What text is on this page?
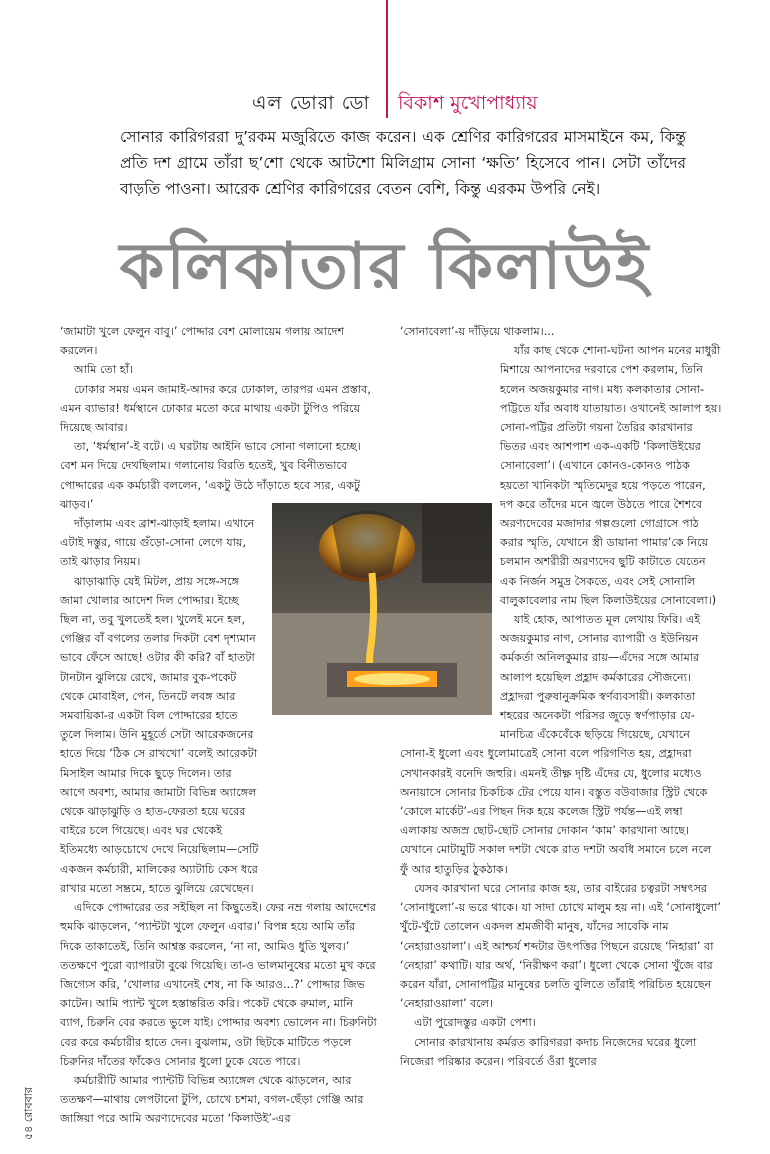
এল ডোরা ডো বিকাশ মুখোপাধ্যায়
সোনার কারিগররা দু’রকম মজুরিতে কাজ করেন। এক শ্রেণির কারিগরের মাসমাইনে কম, কিন্তু প্রতি দশ গ্রামে তাঁরা ছ’শো থেকে আটশো মিলিগ্রাম সোনা ‘ক্ষতি’ হিসেবে পান। সেটা তাঁদের বাড়তি পাওনা। আরেক শ্রেণির কারিগরের বেতন বেশি, কিন্তু এরকম উপরি নেই।
কলিকাতার কিলাউই

‘জামাটা খুলে ফেলুন বাবু।’ পোদ্দার বেশ মোলায়েম গলায় আদেশ করলেন।

আমি তো হাঁ।

ঢোকার সময় এমন জামাই-আদর করে ঢোকাল, তারপর এমন প্রস্তাব, এমন ব্যাভার! ধর্মস্থানে ঢোকার মতো করে মাথায় একটা টুপিও পরিয়ে দিয়েছে আবার।

তা, ‘ধর্মস্থান’-ই বটে। এ ঘরটায় আইনি ভাবে সোনা গলানো হচ্ছে। বেশ মন দিয়ে দেখছিলাম। গলানোয় বিরতি হতেই, খুব বিনীতভাবে পোদ্দারের এক কর্মচারী বললেন, ‘একটু উঠে দাঁড়াতে হবে স্যর, একটু ঝাড়ব।’

দাঁড়ালাম এবং ব্রাশ-ঝাড়াই হলাম। এখানে এটাই দস্তুর, গায়ে গুঁড়ো-সোনা লেগে যায়, তাই ঝাড়ার নিয়ম।

ঝাড়াঝাড়ি যেই মিটল, প্রায় সঙ্গে-সঙ্গে জামা খোলার আদেশ দিল পোদ্দার। ইচ্ছে ছিল না, তবু খুলতেই হল। খুলেই মনে হল, গেঞ্জির বাঁ বগলের তলার দিকটা বেশ দৃশ্যমান ভাবে ফেঁসে আছে! ওটার কী করি? বাঁ হাতটা টানটান ঝুলিয়ে রেখে, জামার বুক-পকেট থেকে মোবাইল, পেন, তিনটে লবঙ্গ আর সমবায়িকা-র একটা বিল পোদ্দারের হাতে তুলে দিলাম। উনি মুহূর্তে সেটা আরেকজনের হাতে দিয়ে ‘ঠিক সে রাখখো’ বলেই আরেকটা মিসাইল আমার দিকে ছুড়ে দিলেন। তার আগে অবশ্য, আমার জামাটা বিভিন্ন অ্যাঙ্গেল থেকে ঝাড়াঝুড়ি ও হাত-ফেরতা হয়ে ঘরের বাইরে চলে গিয়েছে। এবং ঘর থেকেই ইতিমধ্যে আড়চোখে দেখে নিয়েছিলাম—সেটি একজন কর্মচারী, মালিকের অ্যাটাচি কেস ধরে রাখার মতো সম্ভ্রমে, হাতে ঝুলিয়ে রেখেছেন।

এদিকে পোদ্দারের তর সইছিল না কিছুতেই। ফের নম্র গলায় আদেশের হুমকি ঝাড়লেন, ‘প্যান্টটা খুলে ফেলুন এবার।’ বিপন্ন হয়ে আমি তাঁর দিকে তাকাতেই, তিনি আশ্বস্ত করলেন, ‘না না, আমিও ধুতি খুলব।’ ততক্ষণে পুরো ব্যাপারটা বুঝে গিয়েছি। তা-ও ভালমানুষের মতো মুখ করে জিগ্যেস করি, ‘খোলার এখানেই শেষ, না কি আরও...?’ পোদ্দার জিভ কাটেন। আমি প্যান্ট খুলে হস্তান্তরিত করি। পকেট থেকে রুমাল, মানি ব্যাগ, চিরুনি বের করতে ভুলে যাই। পোদ্দার অবশ্য ভোলেন না। চিরুনিটা বের করে কর্মচারীর হাতে দেন। বুঝলাম, ওটা ছিটকে মাটিতে পড়লে চিরুনির দাঁতের ফাঁকেও সোনার ধুলো ঢুকে যেতে পারে।

কর্মচারীটি আমার প্যান্টটি বিভিন্ন অ্যাঙ্গেল থেকে ঝাড়লেন, আর ততক্ষণ—মাথায় লেপটানো টুপি, চোখে চশমা, বগল-ছেঁড়া গেঞ্জি আর জাঙ্গিয়া পরে আমি অরণ্যদেবের মতো ‘কিলাউই’-এর

‘সোনাবেলা’-য় দাঁড়িয়ে থাকলাম।...

যাঁর কাছ থেকে শোনা-ঘটনা আপন মনের মাধুরী মিশায়ে আপনাদের দরবারে পেশ করলাম, তিনি হলেন অজয়কুমার নাগ। মধ্য কলকাতার সোনা-পট্টিতে যাঁর অবাধ যাতায়াত। ওখানেই আলাপ হয়। সোনা-পট্টির প্রতিটা গয়না তৈরির কারখানার ভিতর এবং আশপাশ এক-একটি ‘কিলাউইয়ের সোনাবেলা’। (এখানে কোনও-কোনও পাঠক হয়তো খানিকটা স্মৃতিমেদুর হয়ে পড়তে পারেন, দপ করে তাঁদের মনে জ্বলে উঠতে পারে শৈশবে অরণ্যদেবের মজাদার গল্পগুলো গোগ্রাসে পাঠ করার স্মৃতি, যেখানে স্ত্রী ডায়ানা পামার’কে নিয়ে চলমান অশরীরী অরণ্যদেব ছুটি কাটাতে যেতেন এক নির্জন সমুদ্র সৈকতে, এবং সেই সোনালি বালুকাবেলার নাম ছিল কিলাউইয়ের সোনাবেলা।)

যাই হোক, আপাতত মূল লেখায় ফিরি। এই অজয়কুমার নাগ, সোনার ব্যাপারী ও ইউনিয়ন কর্মকর্তা অনিলকুমার রায়—এঁদের সঙ্গে আমার আলাপ হয়েছিল প্রহ্লাদ কর্মকারের সৌজন্যে। প্রহ্লাদরা পুরুষানুক্রমিক স্বর্ণব্যবসায়ী। কলকাতা শহরের অনেকটা পরিসর জুড়ে স্বর্ণপাড়ার যে-মানচিত্র এঁকেবেঁকে ছড়িয়ে গিয়েছে, যেখানে সোনা-ই ধুলো এবং ধুলোমাত্রেই সোনা বলে পরিগণিত হয়, প্রহ্লাদরা সেখানকারই বনেদি জহুরি। এমনই তীক্ষ্ণ দৃষ্টি এঁদের যে, ধুলোর মধ্যেও অনায়াসে সোনার চিকচিক টের পেয়ে যান। বস্তুত বউবাজার স্ট্রিট থেকে ‘কোলে মার্কেট’-এর পিছন দিক হয়ে কলেজ স্ট্রিট পর্যন্ত—এই লম্বা এলাকায় অজস্র ছোট-ছোট সোনার দোকান ‘কাম’ কারখানা আছে। যেখানে মোটামুটি সকাল দশটা থেকে রাত দশটা অবধি সমানে চলে নলে ফুঁ আর হাতুড়ির ঠুকঠাক।

যেসব কারখানা ঘরে সোনার কাজ হয়, তার বাইরের চত্বরটা সম্বৎসর ‘সোনাধুলো’-য় ভরে থাকে। যা সাদা চোখে মালুম হয় না। এই ‘সোনাধুলো’ খুঁটে-খুঁটে তোলেন একদল শ্রমজীবী মানুষ, যাঁদের সাবেকি নাম ‘নেহারাওয়ালা’। এই আশ্চর্য শব্দটার উৎপত্তির পিছনে রয়েছে ‘নিহারা’ বা ‘নেহারা’ কথাটি। যার অর্থ, ‘নিরীক্ষণ করা’। ধুলো থেকে সোনা খুঁজে বার করেন যাঁরা, সোনাপট্টির মানুষের চলতি বুলিতে তাঁরাই পরিচিত হয়েছেন ‘নেহারাওয়ালা’ বলে।

এটা পুরোদস্তুর একটা পেশা।

সোনার কারখানায় কর্মরত কারিগররা কদাচ নিজেদের ঘরের ধুলো নিজেরা পরিষ্কার করেন। পরিবর্তে ওঁরা ধুলোর

৫৪ রোববার
